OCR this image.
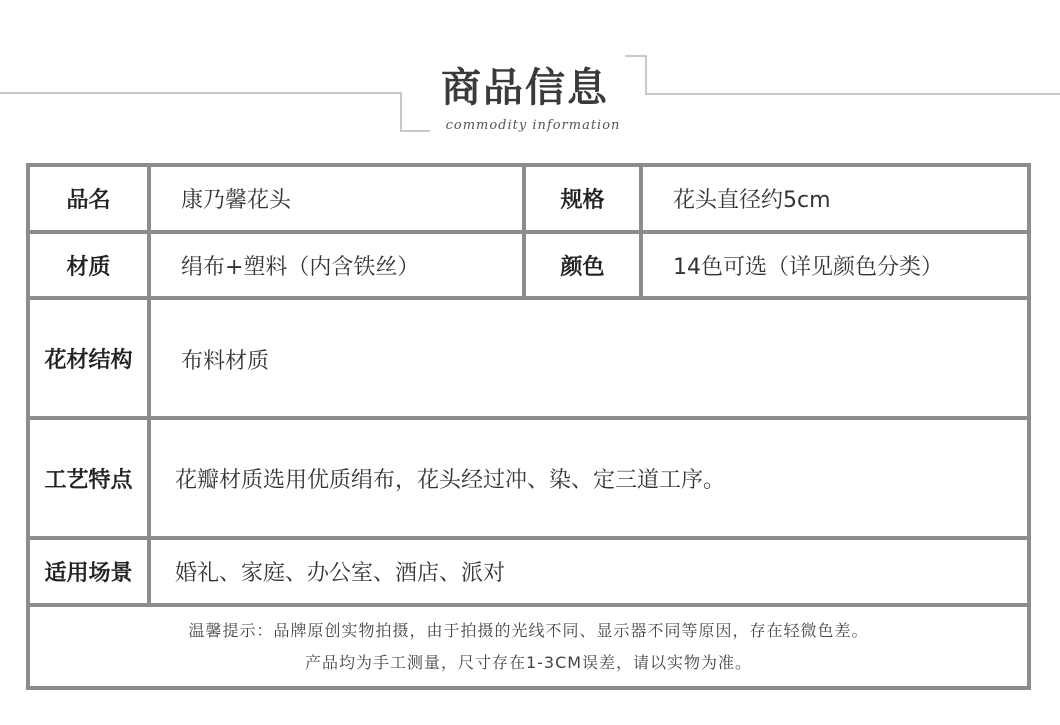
商品信息
commodity information
品名	康乃馨花头	规格	花头直径约5cm
材质	绢布+塑料（内含铁丝）	颜色	14色可选（详见颜色分类）
花材结构	布料材质
工艺特点	花瓣材质选用优质绢布，花头经过冲、染、定三道工序。
适用场景	婚礼、家庭、办公室、酒店、派对
温馨提示：品牌原创实物拍摄，由于拍摄的光线不同、显示器不同等原因，存在轻微色差。
产品均为手工测量，尺寸存在1-3CM误差，请以实物为准。
